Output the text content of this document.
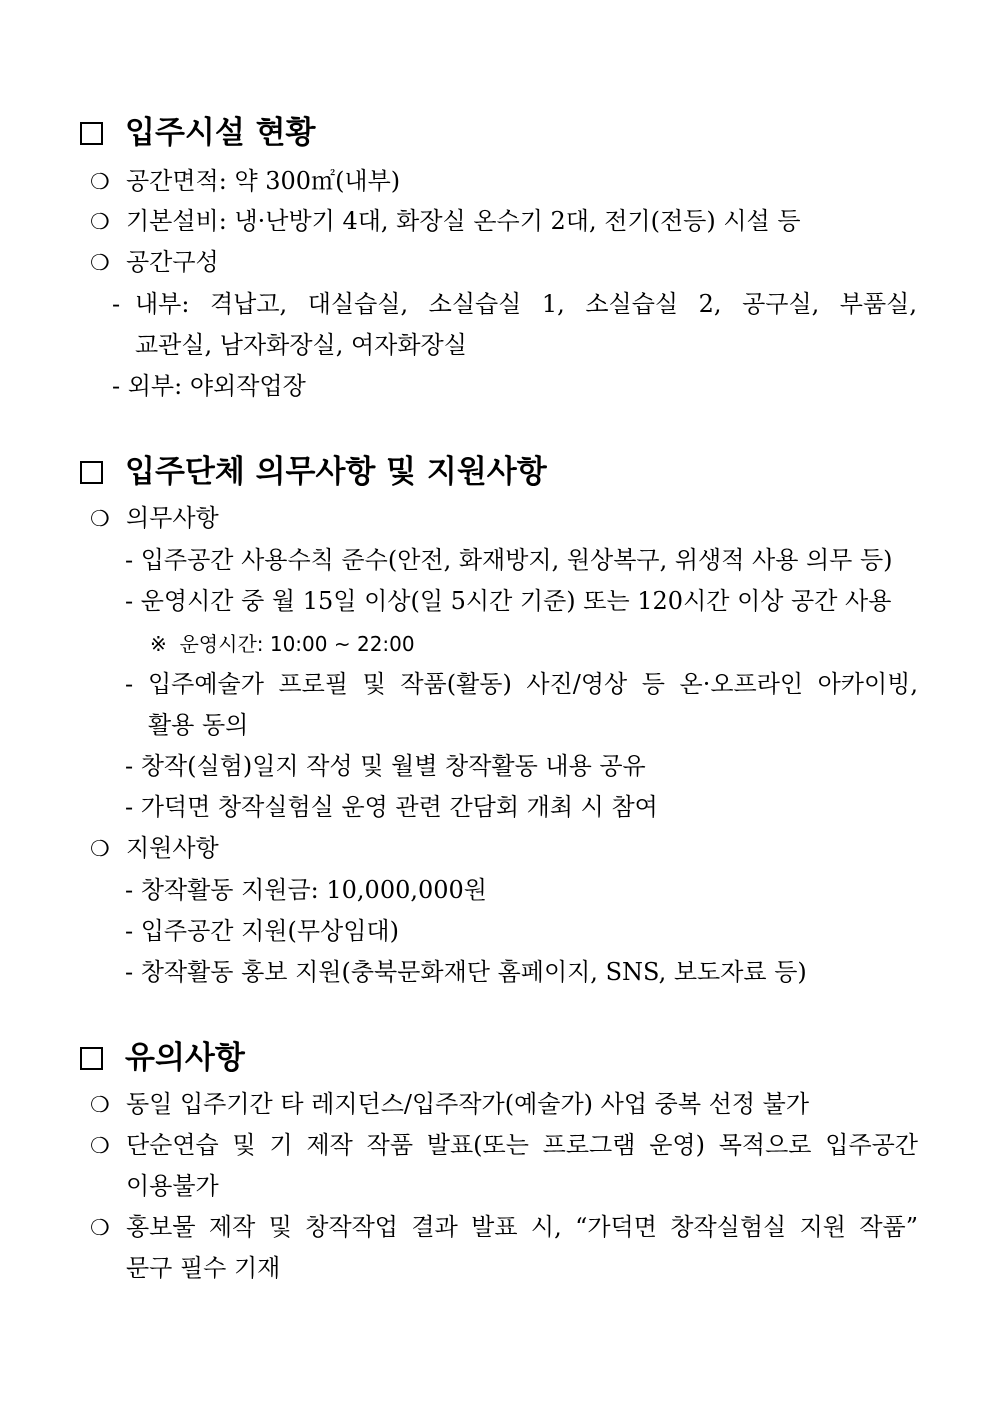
입주시설 현황
❍ 공간면적: 약 300㎡(내부)
❍ 기본설비: 냉·난방기 4대, 화장실 온수기 2대, 전기(전등) 시설 등
❍ 공간구성
- 내부: 격납고, 대실습실, 소실습실 1, 소실습실 2, 공구실, 부품실,
교관실, 남자화장실, 여자화장실
- 외부: 야외작업장
입주단체 의무사항 및 지원사항
❍ 의무사항
- 입주공간 사용수칙 준수(안전, 화재방지, 원상복구, 위생적 사용 의무 등)
- 운영시간 중 월 15일 이상(일 5시간 기준) 또는 120시간 이상 공간 사용
※ 운영시간: 10:00 ~ 22:00
- 입주예술가 프로필 및 작품(활동) 사진/영상 등 온·오프라인 아카이빙,
활용 동의
- 창작(실험)일지 작성 및 월별 창작활동 내용 공유
- 가덕면 창작실험실 운영 관련 간담회 개최 시 참여
❍ 지원사항
- 창작활동 지원금: 10,000,000원
- 입주공간 지원(무상임대)
- 창작활동 홍보 지원(충북문화재단 홈페이지, SNS, 보도자료 등)
유의사항
❍ 동일 입주기간 타 레지던스/입주작가(예술가) 사업 중복 선정 불가
❍ 단순연습 및 기 제작 작품 발표(또는 프로그램 운영) 목적으로 입주공간
이용불가
❍ 홍보물 제작 및 창작작업 결과 발표 시, “가덕면 창작실험실 지원 작품”
문구 필수 기재
